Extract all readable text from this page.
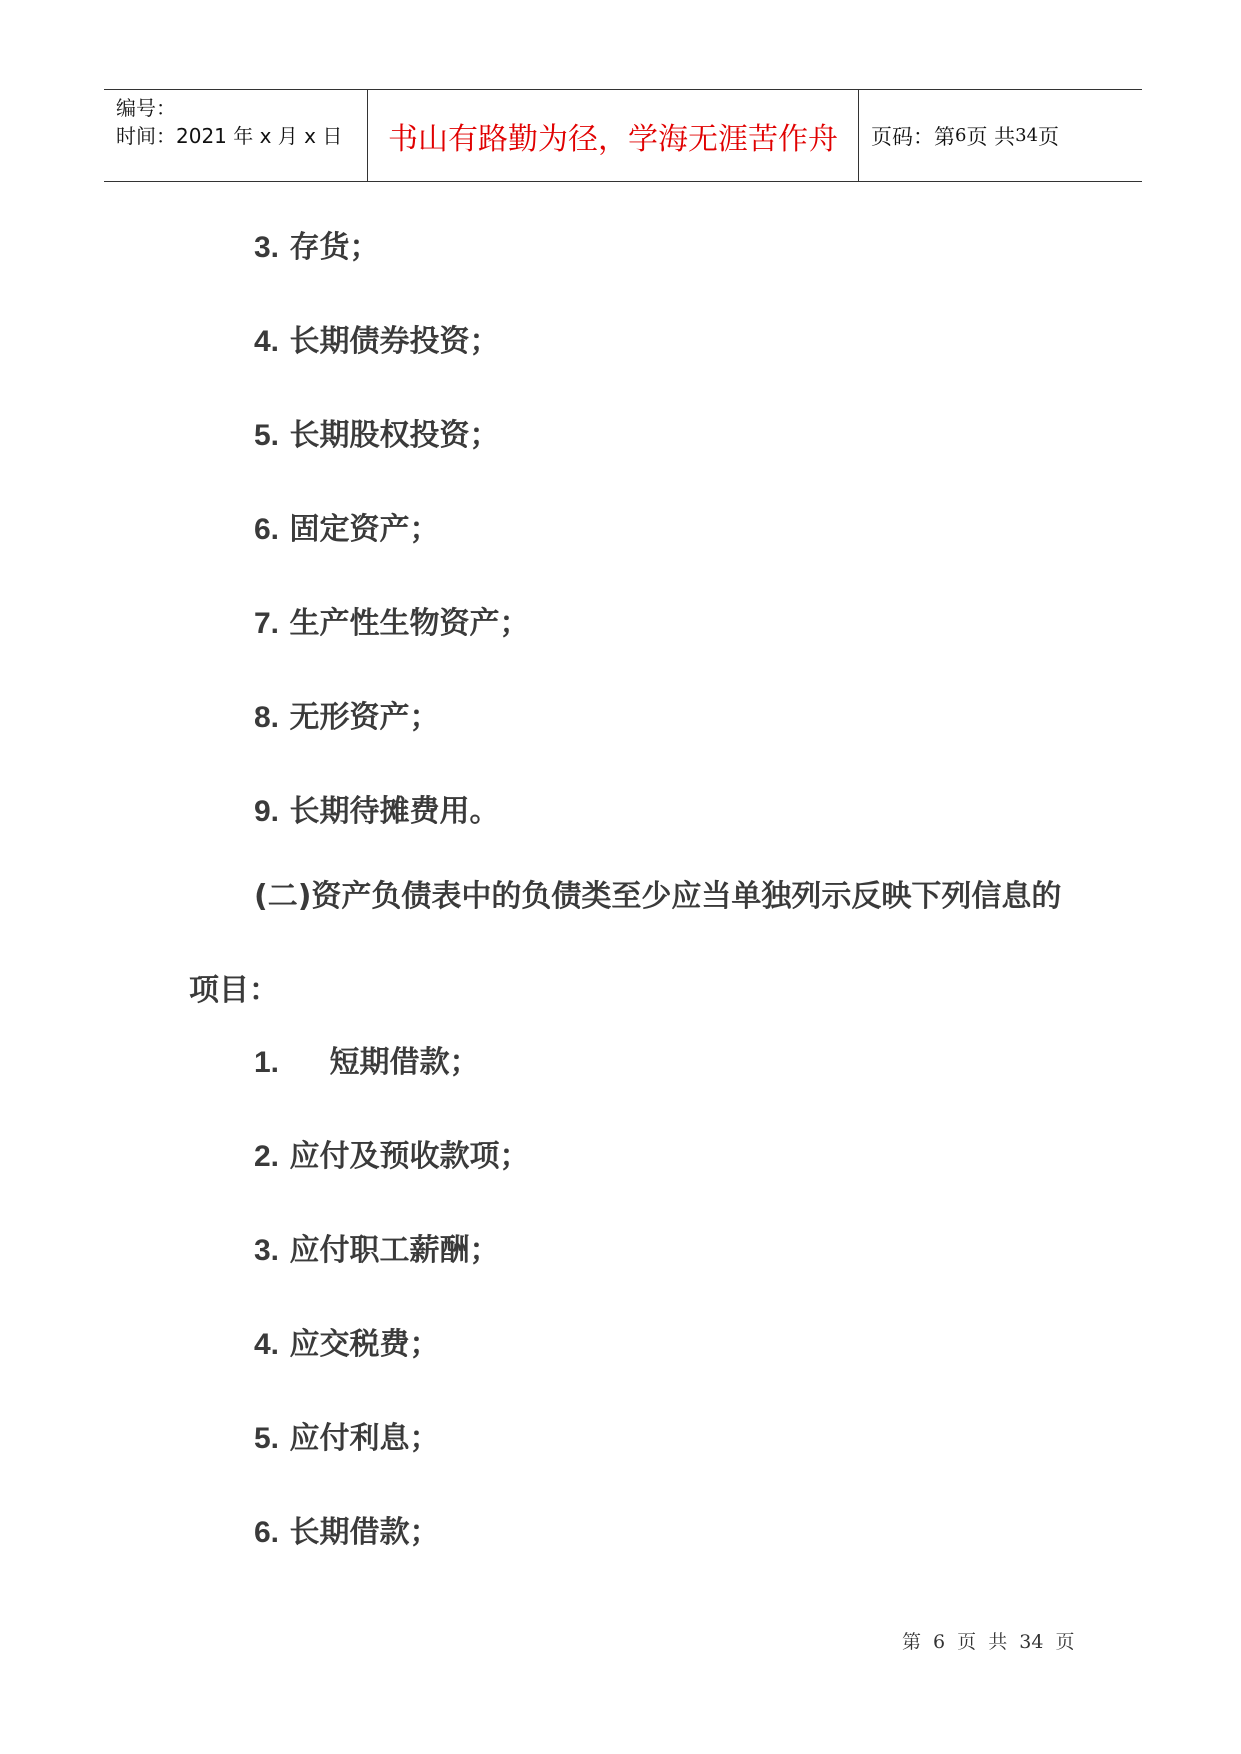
编号：
时间：2021 年 x 月 x 日	书山有路勤为径，学海无涯苦作舟	页码：第 6 页 共 34 页
3. 存货；
4. 长期债券投资；
5. 长期股权投资；
6. 固定资产；
7. 生产性生物资产；
8. 无形资产；
9. 长期待摊费用。
(二)资产负债表中的负债类至少应当单独列示反映下列信息的项目：
1. 短期借款；
2. 应付及预收款项；
3. 应付职工薪酬；
4. 应交税费；
5. 应付利息；
6. 长期借款；
第 6 页 共 34 页
